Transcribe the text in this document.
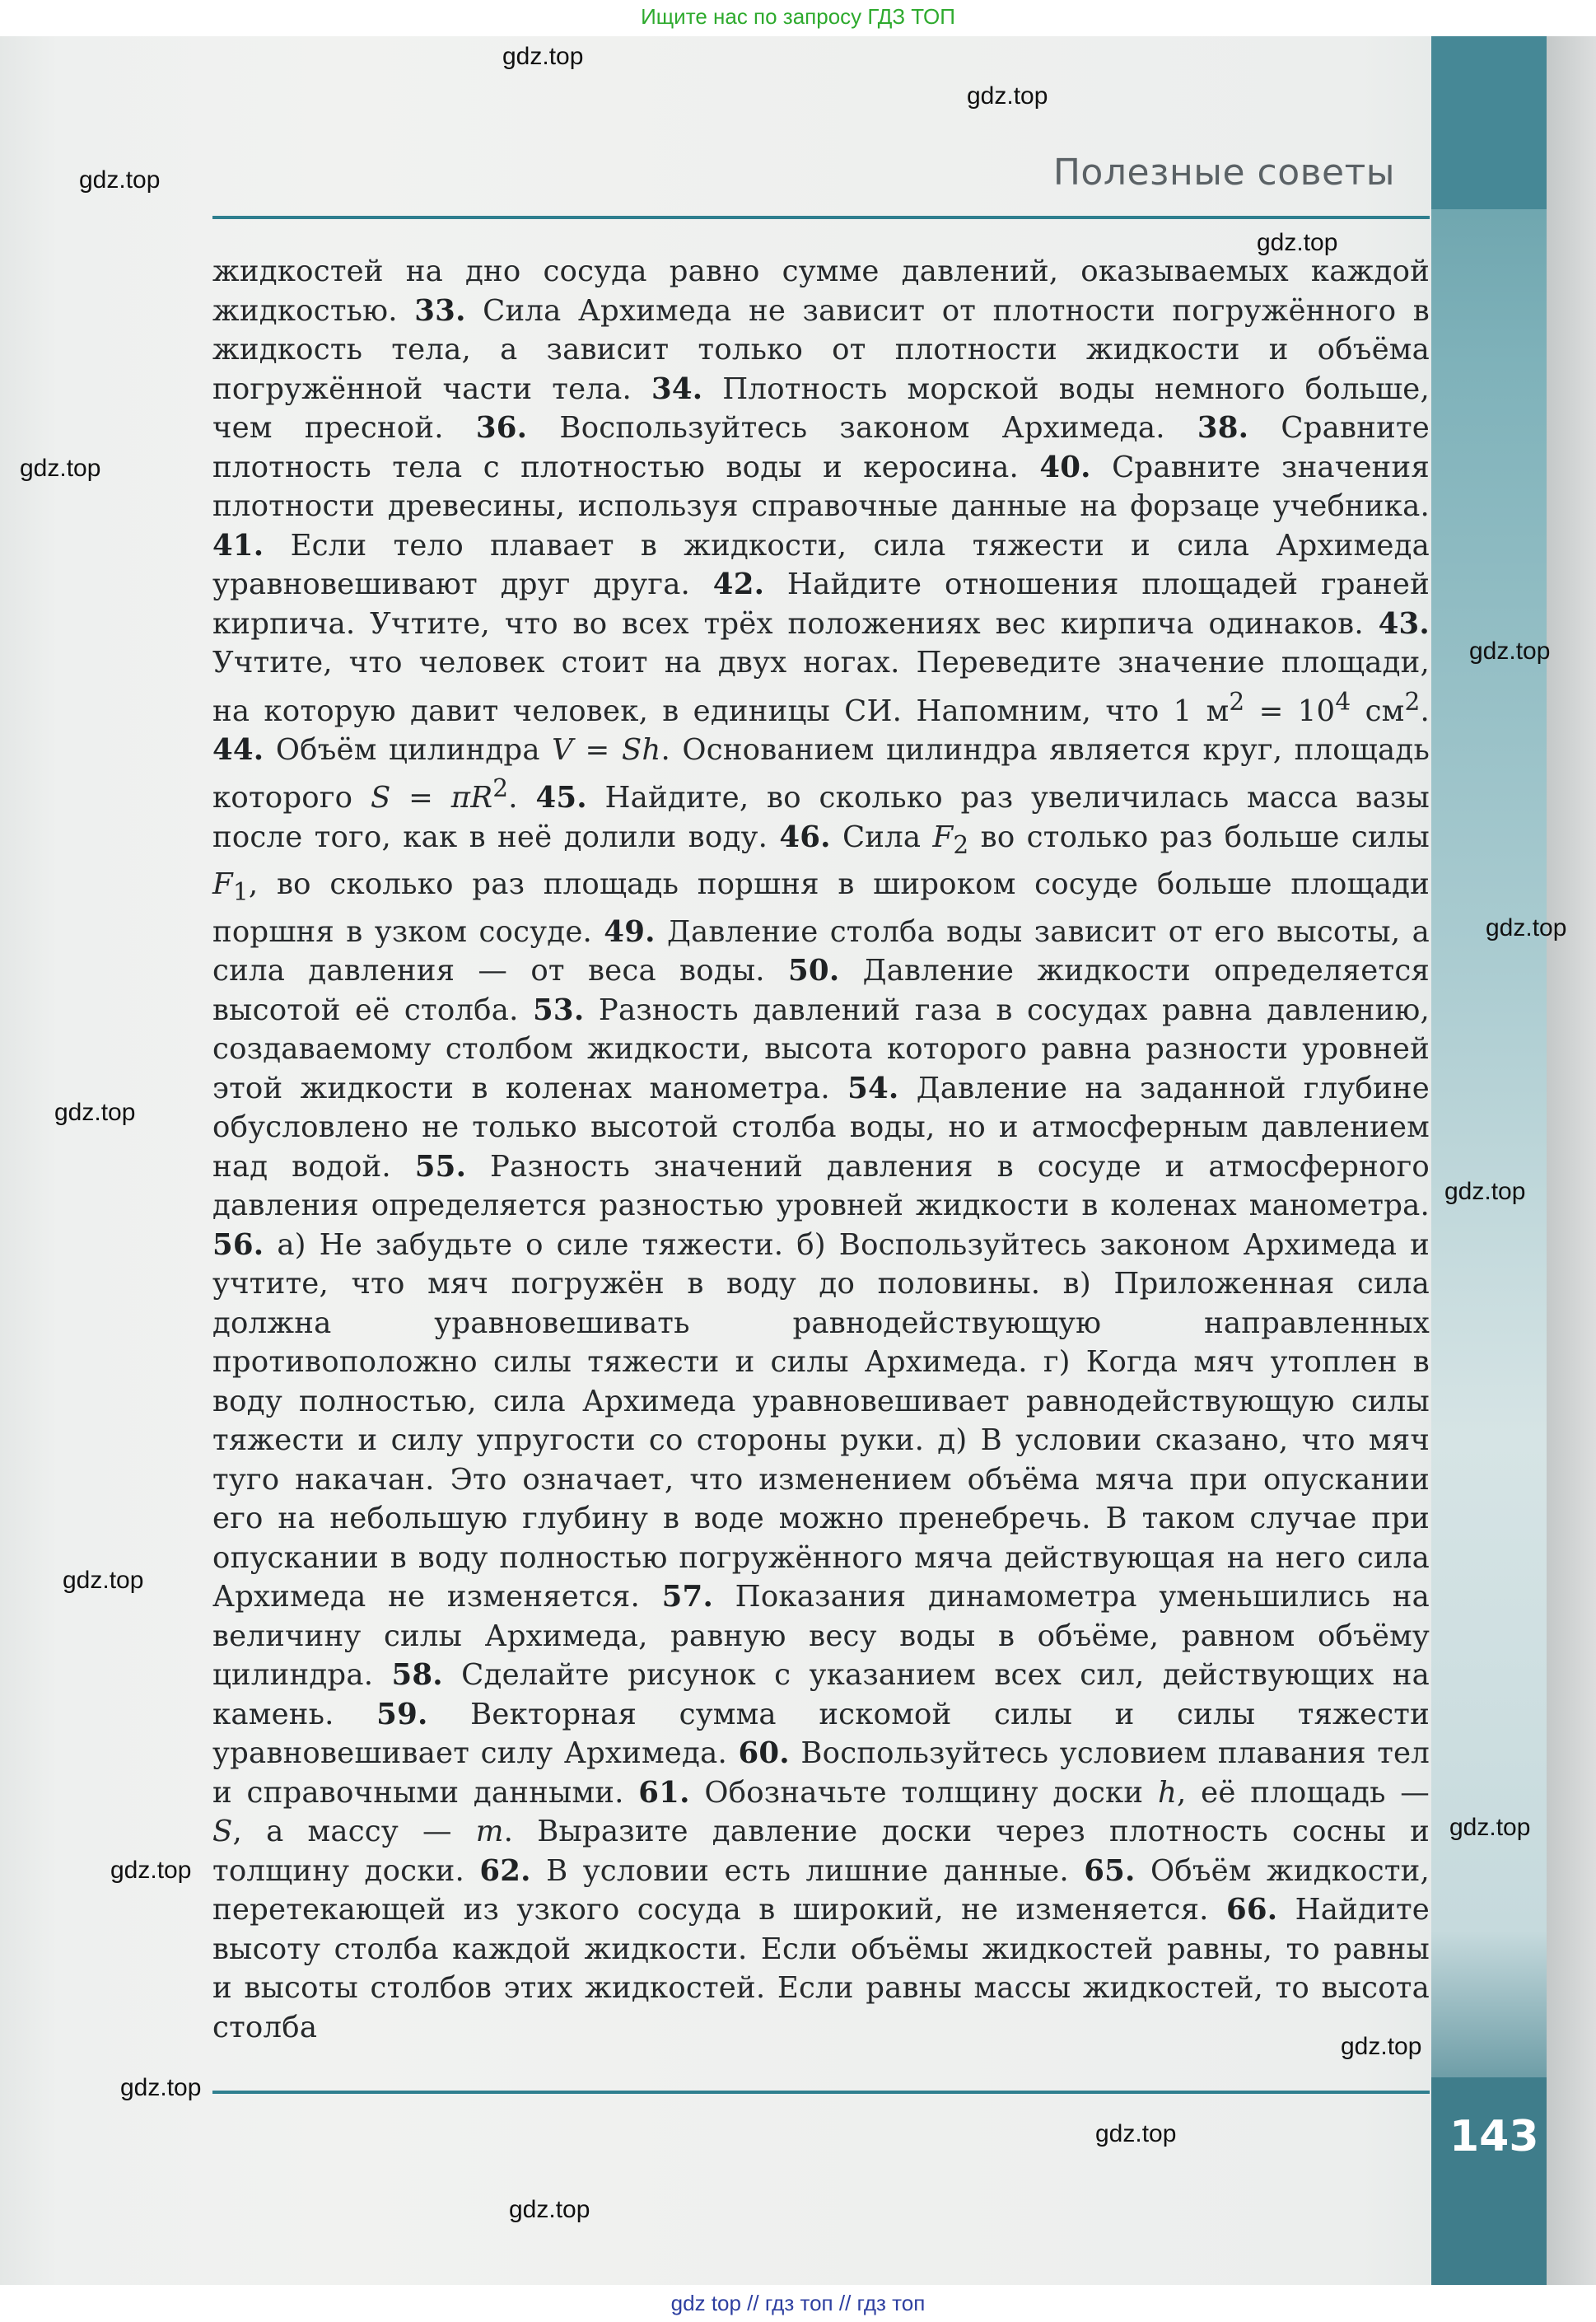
Ищите нас по запросу ГДЗ ТОП
Полезные советы

жидкостей на дно сосуда равно сумме давлений, оказываемых каждой жидкостью. 33. Сила Архимеда не зависит от плотности погружённого в жидкость тела, а зависит только от плотности жидкости и объёма погружённой части тела. 34. Плотность морской воды немного больше, чем пресной. 36. Воспользуйтесь законом Архимеда. 38. Сравните плотность тела с плотностью воды и керосина. 40. Сравните значения плотности древесины, используя справочные данные на форзаце учебника. 41. Если тело плавает в жидкости, сила тяжести и сила Архимеда уравновешивают друг друга. 42. Найдите отношения площадей граней кирпича. Учтите, что во всех трёх положениях вес кирпича одинаков. 43. Учтите, что человек стоит на двух ногах. Переведите значение площади, на которую давит человек, в единицы СИ. Напомним, что 1 $м^2 = 10^4$ $см^2$. 44. Объём цилиндра V = Sh. Основанием цилиндра является круг, площадь которого $S = \pi R^2$. 45. Найдите, во сколько раз увеличилась масса вазы после того, как в неё долили воду. 46. Сила $F_2$ во столько раз больше силы $F_1$, во сколько раз площадь поршня в широком сосуде больше площади поршня в узком сосуде. 49. Давление столба воды зависит от его высоты, а сила давления — от веса воды. 50. Давление жидкости определяется высотой её столба. 53. Разность давлений газа в сосудах равна давлению, создаваемому столбом жидкости, высота которого равна разности уровней этой жидкости в коленах манометра. 54. Давление на заданной глубине обусловлено не только высотой столба воды, но и атмосферным давлением над водой. 55. Разность значений давления в сосуде и атмосферного давления определяется разностью уровней жидкости в коленах манометра. 56. а) Не забудьте о силе тяжести. б) Воспользуйтесь законом Архимеда и учтите, что мяч погружён в воду до половины. в) Приложенная сила должна уравновешивать равнодействующую направленных противоположно силы тяжести и силы Архимеда. г) Когда мяч утоплен в воду полностью, сила Архимеда уравновешивает равнодействующую силы тяжести и силу упругости со стороны руки. д) В условии сказано, что мяч туго накачан. Это означает, что изменением объёма мяча при опускании его на небольшую глубину в воде можно пренебречь. В таком случае при опускании в воду полностью погружённого мяча действующая на него сила Архимеда не изменяется. 57. Показания динамометра уменьшились на величину силы Архимеда, равную весу воды в объёме, равном объёму цилиндра. 58. Сделайте рисунок с указанием всех сил, действующих на камень. 59. Векторная сумма искомой силы и силы тяжести уравновешивает силу Архимеда. 60. Воспользуйтесь условием плавания тел и справочными данными. 61. Обозначьте толщину доски h, её площадь — S, а массу — m. Выразите давление доски через плотность сосны и толщину доски. 62. В условии есть лишние данные. 65. Объём жидкости, перетекающей из узкого сосуда в широкий, не изменяется. 66. Найдите высоту столба каждой жидкости. Если объёмы жидкостей равны, то равны и высоты столбов этих жидкостей. Если равны массы жидкостей, то высота столба

143
gdz.top
gdz.top
gdz.top
gdz.top
gdz.top
gdz.top
gdz.top
gdz.top
gdz.top
gdz.top
gdz.top
gdz.top
gdz.top
gdz.top
gdz.top
gdz.top
gdz top // гдз топ // гдз топ
